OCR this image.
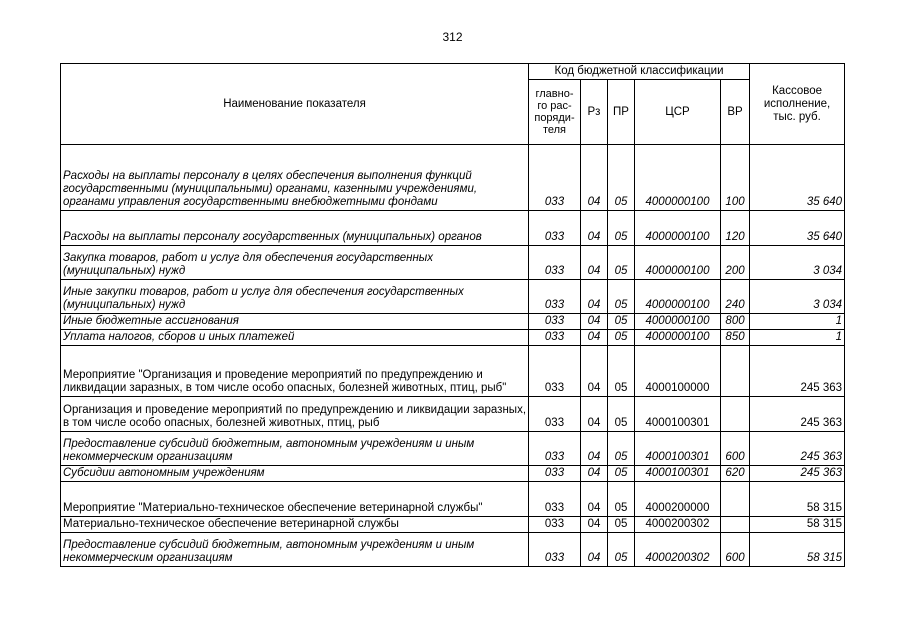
312
Наименование показателя	Код бюджетной классификации					Кассовое исполнение, тыс. руб.
	главно-го рас-поряди-теля	Рз	ПР	ЦСР	ВР	
Расходы на выплаты персоналу в целях обеспечения выполнения функций государственными (муниципальными) органами, казенными учреждениями, органами управления государственными внебюджетными фондами	033	04	05	4000000100	100	35 640
Расходы на выплаты персоналу государственных (муниципальных) органов	033	04	05	4000000100	120	35 640
Закупка товаров, работ и услуг для обеспечения государственных (муниципальных) нужд	033	04	05	4000000100	200	3 034
Иные закупки товаров, работ и услуг для обеспечения государственных (муниципальных) нужд	033	04	05	4000000100	240	3 034
Иные бюджетные ассигнования	033	04	05	4000000100	800	1
Уплата налогов, сборов и иных платежей	033	04	05	4000000100	850	1
Мероприятие "Организация и проведение мероприятий по предупреждению и ликвидации заразных, в том числе особо опасных, болезней животных, птиц, рыб"	033	04	05	4000100000		245 363
Организация и проведение мероприятий по предупреждению и ликвидации заразных, в том числе особо опасных, болезней животных, птиц, рыб	033	04	05	4000100301		245 363
Предоставление субсидий бюджетным, автономным учреждениям и иным некоммерческим организациям	033	04	05	4000100301	600	245 363
Субсидии автономным учреждениям	033	04	05	4000100301	620	245 363
Мероприятие "Материально-техническое обеспечение ветеринарной службы"	033	04	05	4000200000		58 315
Материально-техническое обеспечение ветеринарной службы	033	04	05	4000200302		58 315
Предоставление субсидий бюджетным, автономным учреждениям и иным некоммерческим организациям	033	04	05	4000200302	600	58 315
